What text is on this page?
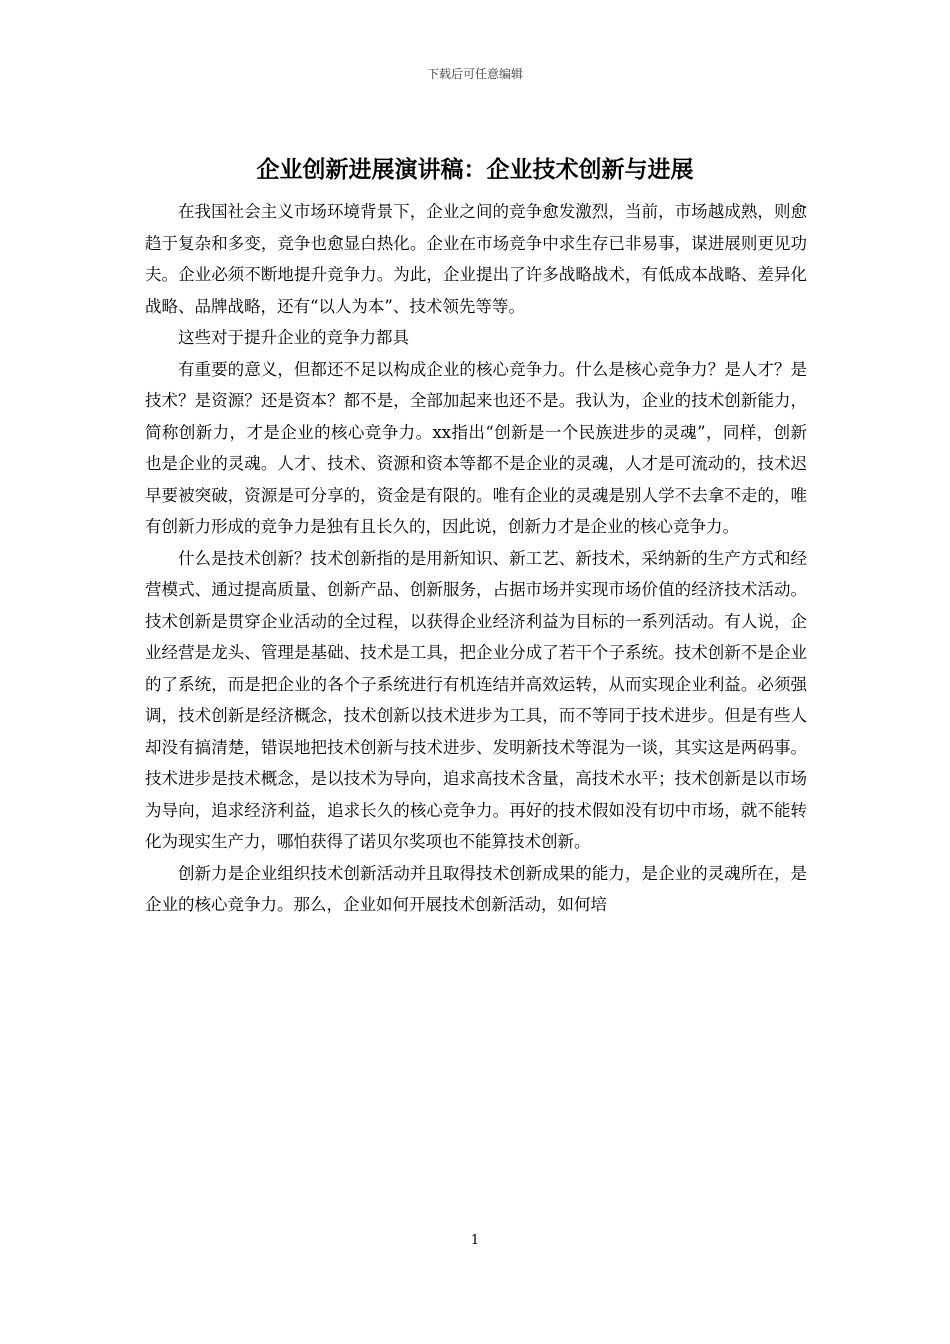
下载后可任意编辑
企业创新进展演讲稿：企业技术创新与进展

在我国社会主义市场环境背景下，企业之间的竞争愈发激烈，当前，市场越成熟，则愈趋于复杂和多变，竞争也愈显白热化。企业在市场竞争中求生存已非易事，谋进展则更见功夫。企业必须不断地提升竞争力。为此，企业提出了许多战略战术，有低成本战略、差异化战略、品牌战略，还有“以人为本”、技术领先等等。

这些对于提升企业的竞争力都具

有重要的意义，但都还不足以构成企业的核心竞争力。什么是核心竞争力？是人才？是技术？是资源？还是资本？都不是，全部加起来也还不是。我认为，企业的技术创新能力，简称创新力，才是企业的核心竞争力。xx指出“创新是一个民族进步的灵魂”，同样，创新也是企业的灵魂。人才、技术、资源和资本等都不是企业的灵魂，人才是可流动的，技术迟早要被突破，资源是可分享的，资金是有限的。唯有企业的灵魂是别人学不去拿不走的，唯有创新力形成的竞争力是独有且长久的，因此说，创新力才是企业的核心竞争力。

什么是技术创新？技术创新指的是用新知识、新工艺、新技术，采纳新的生产方式和经营模式、通过提高质量、创新产品、创新服务，占据市场并实现市场价值的经济技术活动。技术创新是贯穿企业活动的全过程，以获得企业经济利益为目标的一系列活动。有人说，企业经营是龙头、管理是基础、技术是工具，把企业分成了若干个子系统。技术创新不是企业的了系统，而是把企业的各个子系统进行有机连结并高效运转，从而实现企业利益。必须强调，技术创新是经济概念，技术创新以技术进步为工具，而不等同于技术进步。但是有些人却没有搞清楚，错误地把技术创新与技术进步、发明新技术等混为一谈，其实这是两码事。技术进步是技术概念，是以技术为导向，追求高技术含量，高技术水平；技术创新是以市场为导向，追求经济利益，追求长久的核心竞争力。再好的技术假如没有切中市场，就不能转化为现实生产力，哪怕获得了诺贝尔奖项也不能算技术创新。

创新力是企业组织技术创新活动并且取得技术创新成果的能力，是企业的灵魂所在，是企业的核心竞争力。那么，企业如何开展技术创新活动，如何培

1
